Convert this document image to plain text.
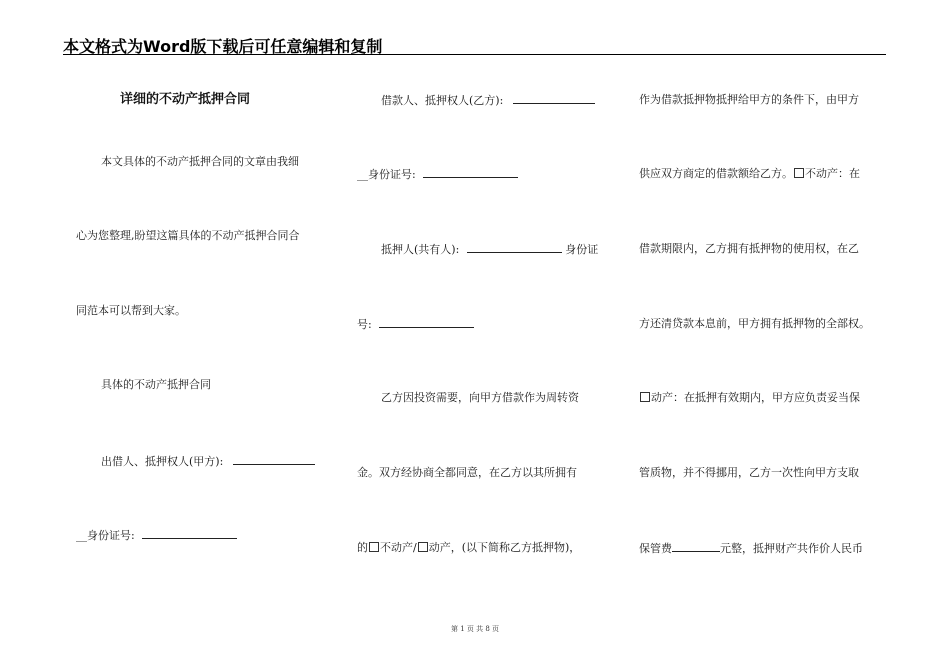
本文格式为Word版下载后可任意编辑和复制
详细的不动产抵押合同
本文具体的不动产抵押合同的文章由我细
心为您整理,盼望这篇具体的不动产抵押合同合
同范本可以帮到大家。
具体的不动产抵押合同
出借人、抵押权人(甲方):
__身份证号:
借款人、抵押权人(乙方):
__身份证号:
抵押人(共有人):	身份证
号:
乙方因投资需要，向甲方借款作为周转资
金。双方经协商全都同意，在乙方以其所拥有
的 不动产/ 动产，(以下简称乙方抵押物)，
作为借款抵押物抵押给甲方的条件下，由甲方
供应双方商定的借款额给乙方。 不动产：在
借款期限内，乙方拥有抵押物的使用权，在乙
方还清贷款本息前，甲方拥有抵押物的全部权。
动产：在抵押有效期内，甲方应负责妥当保
管质物，并不得挪用，乙方一次性向甲方支取
保管费	元整，抵押财产共作价人民币
第 1 页 共 8 页
